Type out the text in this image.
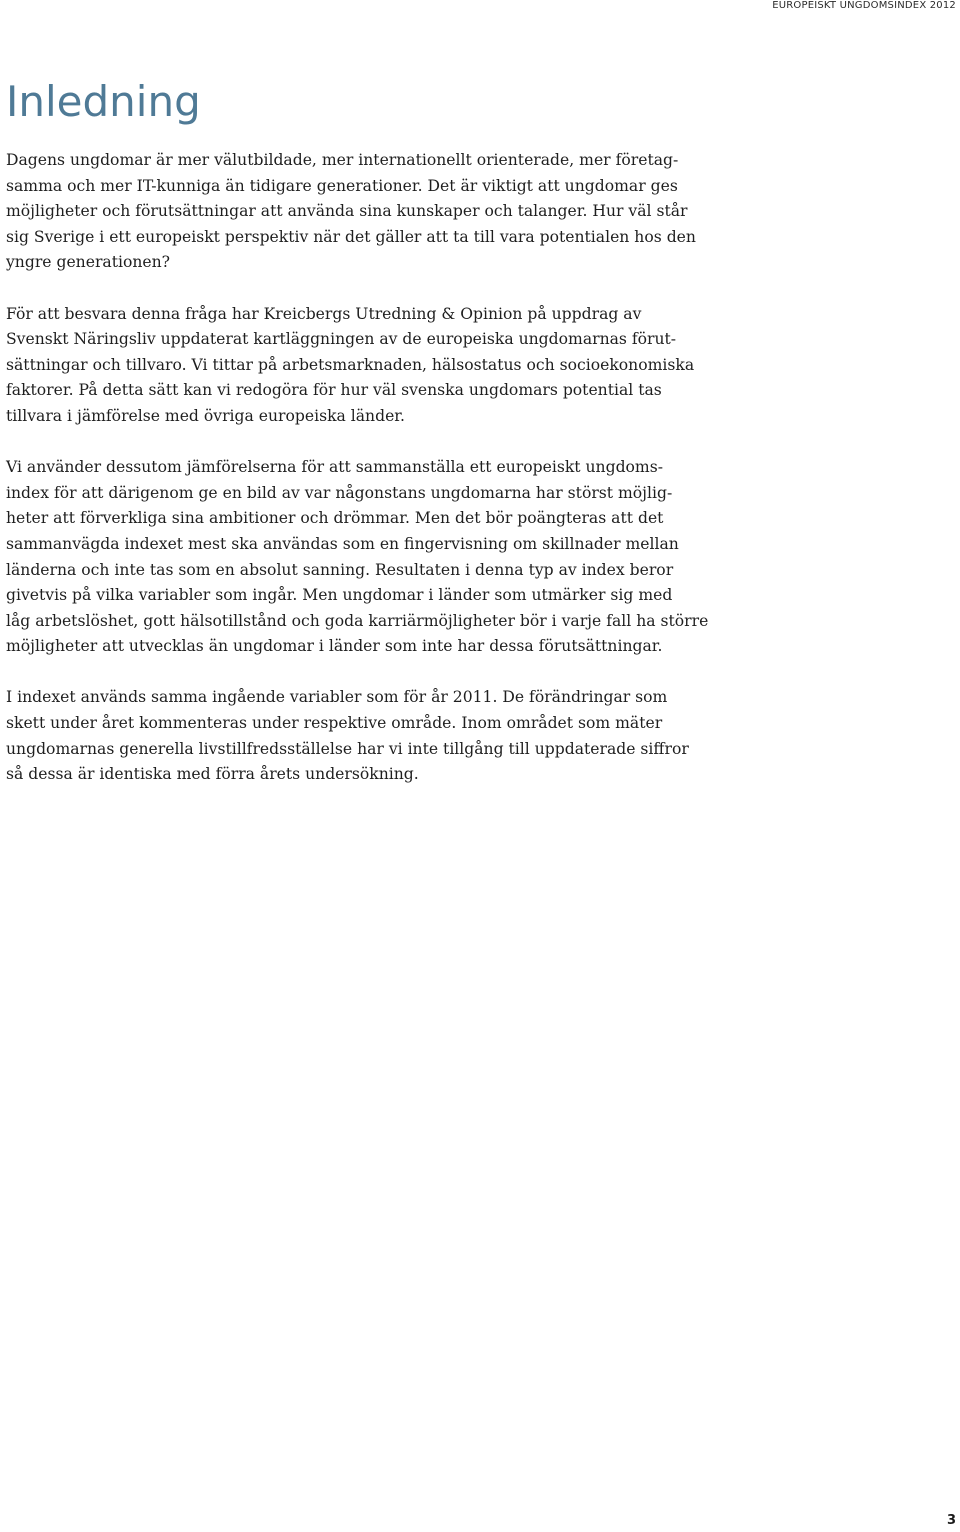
EUROPEISKT UNGDOMSINDEX 2012
Inledning

Dagens ungdomar är mer välutbildade, mer internationellt orienterade, mer företag-
samma och mer IT-kunniga än tidigare generationer. Det är viktigt att ungdomar ges
möjligheter och förutsättningar att använda sina kunskaper och talanger. Hur väl står
sig Sverige i ett europeiskt perspektiv när det gäller att ta till vara potentialen hos den
yngre generationen?

För att besvara denna fråga har Kreicbergs Utredning & Opinion på uppdrag av
Svenskt Näringsliv uppdaterat kartläggningen av de europeiska ungdomarnas förut-
sättningar och tillvaro. Vi tittar på arbetsmarknaden, hälsostatus och socioekonomiska
faktorer. På detta sätt kan vi redogöra för hur väl svenska ungdomars potential tas
tillvara i jämförelse med övriga europeiska länder.

Vi använder dessutom jämförelserna för att sammanställa ett europeiskt ungdoms-
index för att därigenom ge en bild av var någonstans ungdomarna har störst möjlig-
heter att förverkliga sina ambitioner och drömmar. Men det bör poängteras att det
sammanvägda indexet mest ska användas som en fingervisning om skillnader mellan
länderna och inte tas som en absolut sanning. Resultaten i denna typ av index beror
givetvis på vilka variabler som ingår. Men ungdomar i länder som utmärker sig med
låg arbetslöshet, gott hälsotillstånd och goda karriärmöjligheter bör i varje fall ha större
möjligheter att utvecklas än ungdomar i länder som inte har dessa förutsättningar.

I indexet används samma ingående variabler som för år 2011. De förändringar som
skett under året kommenteras under respektive område. Inom området som mäter
ungdomarnas generella livstillfredsställelse har vi inte tillgång till uppdaterade siffror
så dessa är identiska med förra årets undersökning.

3
